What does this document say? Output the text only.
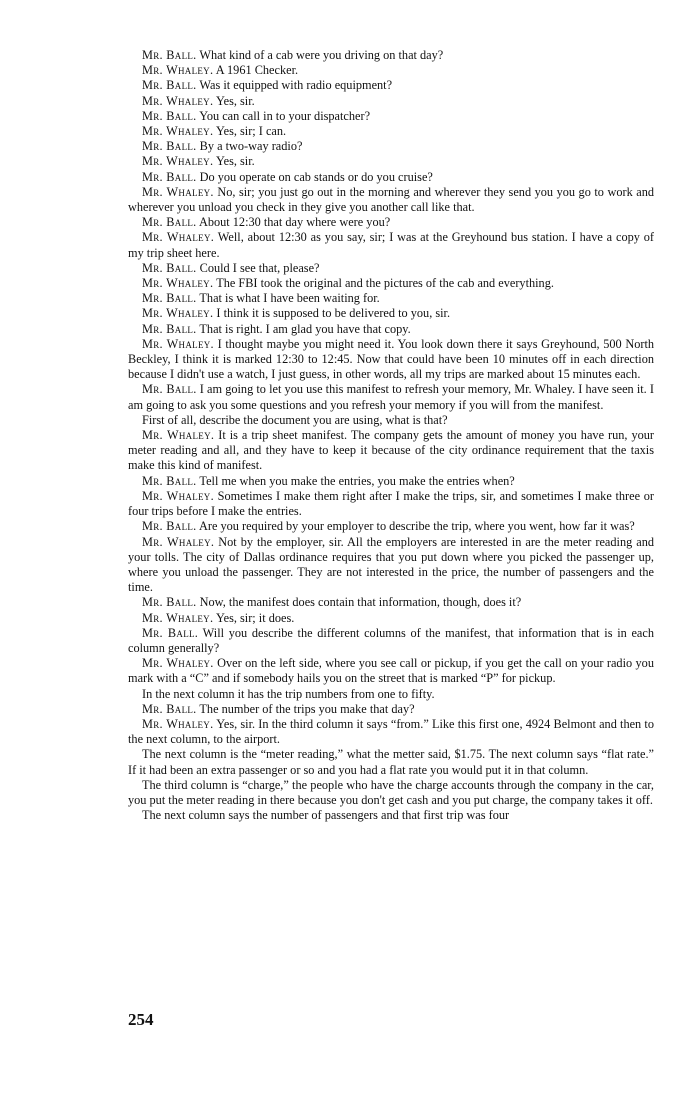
Mr. Ball. What kind of a cab were you driving on that day?

Mr. Whaley. A 1961 Checker.

Mr. Ball. Was it equipped with radio equipment?

Mr. Whaley. Yes, sir.

Mr. Ball. You can call in to your dispatcher?

Mr. Whaley. Yes, sir; I can.

Mr. Ball. By a two-way radio?

Mr. Whaley. Yes, sir.

Mr. Ball. Do you operate on cab stands or do you cruise?

Mr. Whaley. No, sir; you just go out in the morning and wherever they send you you go to work and wherever you unload you check in they give you another call like that.

Mr. Ball. About 12:30 that day where were you?

Mr. Whaley. Well, about 12:30 as you say, sir; I was at the Greyhound bus station. I have a copy of my trip sheet here.

Mr. Ball. Could I see that, please?

Mr. Whaley. The FBI took the original and the pictures of the cab and everything.

Mr. Ball. That is what I have been waiting for.

Mr. Whaley. I think it is supposed to be delivered to you, sir.

Mr. Ball. That is right. I am glad you have that copy.

Mr. Whaley. I thought maybe you might need it. You look down there it says Greyhound, 500 North Beckley, I think it is marked 12:30 to 12:45. Now that could have been 10 minutes off in each direction because I didn't use a watch, I just guess, in other words, all my trips are marked about 15 minutes each.

Mr. Ball. I am going to let you use this manifest to refresh your memory, Mr. Whaley. I have seen it. I am going to ask you some questions and you refresh your memory if you will from the manifest.

First of all, describe the document you are using, what is that?

Mr. Whaley. It is a trip sheet manifest. The company gets the amount of money you have run, your meter reading and all, and they have to keep it because of the city ordinance requirement that the taxis make this kind of manifest.

Mr. Ball. Tell me when you make the entries, you make the entries when?

Mr. Whaley. Sometimes I make them right after I make the trips, sir, and sometimes I make three or four trips before I make the entries.

Mr. Ball. Are you required by your employer to describe the trip, where you went, how far it was?

Mr. Whaley. Not by the employer, sir. All the employers are interested in are the meter reading and your tolls. The city of Dallas ordinance requires that you put down where you picked the passenger up, where you unload the passenger. They are not interested in the price, the number of passengers and the time.

Mr. Ball. Now, the manifest does contain that information, though, does it?

Mr. Whaley. Yes, sir; it does.

Mr. Ball. Will you describe the different columns of the manifest, that information that is in each column generally?

Mr. Whaley. Over on the left side, where you see call or pickup, if you get the call on your radio you mark with a “C” and if somebody hails you on the street that is marked “P” for pickup.

In the next column it has the trip numbers from one to fifty.

Mr. Ball. The number of the trips you make that day?

Mr. Whaley. Yes, sir. In the third column it says “from.” Like this first one, 4924 Belmont and then to the next column, to the airport.

The next column is the “meter reading,” what the metter said, $1.75. The next column says “flat rate.” If it had been an extra passenger or so and you had a flat rate you would put it in that column.

The third column is “charge,” the people who have the charge accounts through the company in the car, you put the meter reading in there because you don't get cash and you put charge, the company takes it off.

The next column says the number of passengers and that first trip was four

254
